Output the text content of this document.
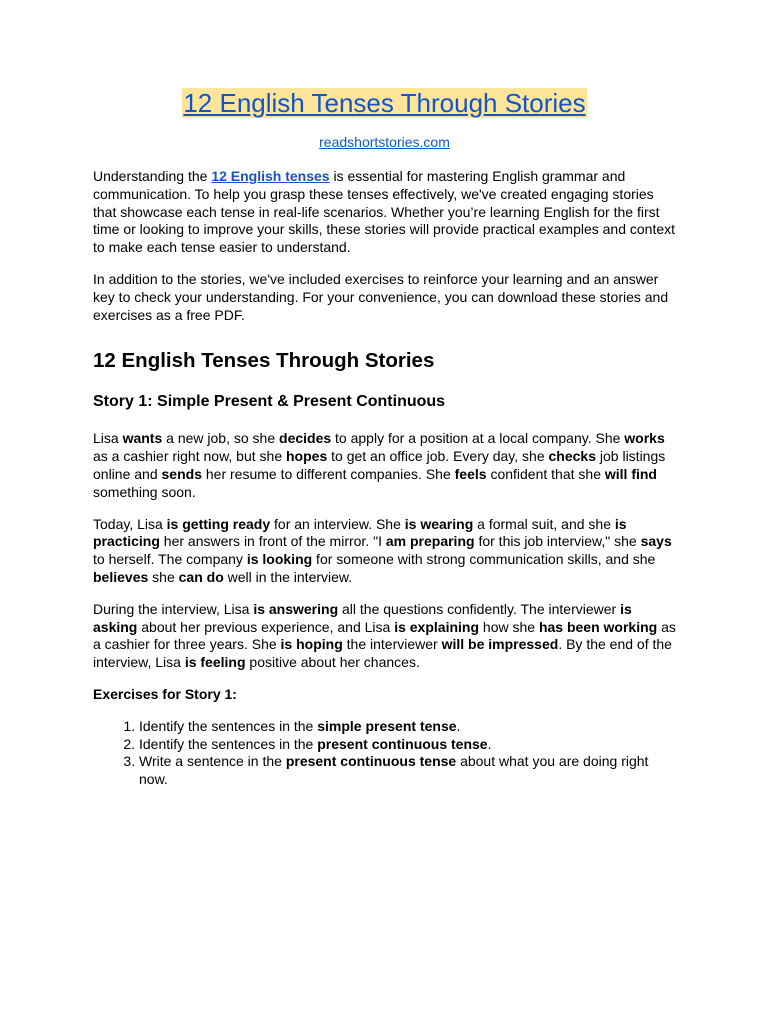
12 English Tenses Through Stories
readshortstories.com

Understanding the 12 English tenses is essential for mastering English grammar and communication. To help you grasp these tenses effectively, we've created engaging stories that showcase each tense in real-life scenarios. Whether you’re learning English for the first time or looking to improve your skills, these stories will provide practical examples and context to make each tense easier to understand.

In addition to the stories, we've included exercises to reinforce your learning and an answer key to check your understanding. For your convenience, you can download these stories and exercises as a free PDF.

12 English Tenses Through Stories
Story 1: Simple Present & Present Continuous

Lisa wants a new job, so she decides to apply for a position at a local company. She works as a cashier right now, but she hopes to get an office job. Every day, she checks job listings online and sends her resume to different companies. She feels confident that she will find something soon.

Today, Lisa is getting ready for an interview. She is wearing a formal suit, and she is practicing her answers in front of the mirror. "I am preparing for this job interview," she says to herself. The company is looking for someone with strong communication skills, and she believes she can do well in the interview.

During the interview, Lisa is answering all the questions confidently. The interviewer is asking about her previous experience, and Lisa is explaining how she has been working as a cashier for three years. She is hoping the interviewer will be impressed. By the end of the interview, Lisa is feeling positive about her chances.

Exercises for Story 1:

1. Identify the sentences in the simple present tense.
2. Identify the sentences in the present continuous tense.
3. Write a sentence in the present continuous tense about what you are doing right now.
